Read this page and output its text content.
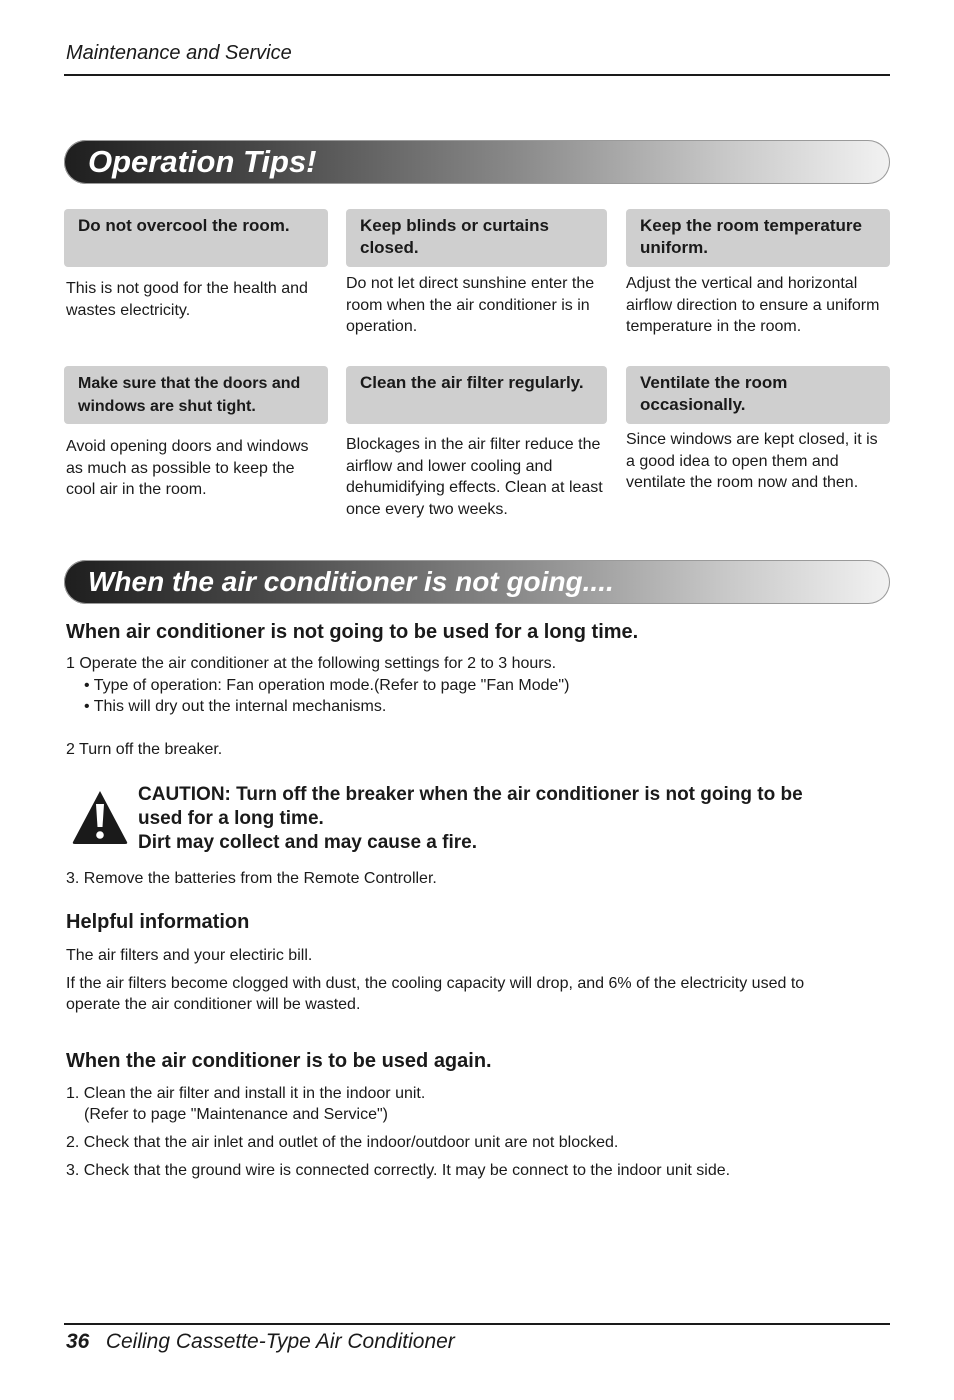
Maintenance and Service
Operation Tips!
Do not overcool the room.
This is not good for the health and wastes electricity.
Keep blinds or curtains closed.
Do not let direct sunshine enter the room when the air conditioner is in operation.
Keep the room temperature uniform.
Adjust the vertical and horizontal airflow direction to ensure a uniform temperature in the room.
Make sure that the doors and windows are shut tight.
Avoid opening doors and windows as much as possible to keep the cool air in the room.
Clean the air filter regularly.
Blockages in the air filter reduce the airflow and lower cooling and dehumidifying effects. Clean at least once every two weeks.
Ventilate the room occasionally.
Since windows are kept closed, it is a good idea to open them and ventilate the room now and then.
When the air conditioner is not going....
When air conditioner is not going to be used for a long time.
1 Operate the air conditioner at the following settings for 2 to 3 hours.
• Type of operation: Fan operation mode.(Refer to page "Fan Mode")
• This will dry out the internal mechanisms.
2 Turn off the breaker.
CAUTION: Turn off the breaker when the air conditioner is not going to be
used for a long time.
Dirt may collect and may cause a fire.
3. Remove the batteries from the Remote Controller.
Helpful information
The air filters and your electiric bill.
If the air filters become clogged with dust, the cooling capacity will drop, and 6% of the electricity used to
operate the air conditioner will be wasted.
When the air conditioner is to be used again.
1. Clean the air filter and install it in the indoor unit.
(Refer to page "Maintenance and Service")
2. Check that the air inlet and outlet of the indoor/outdoor unit are not blocked.
3. Check that the ground wire is connected correctly. It may be connect to the indoor unit side.
36 Ceiling Cassette-Type Air Conditioner
